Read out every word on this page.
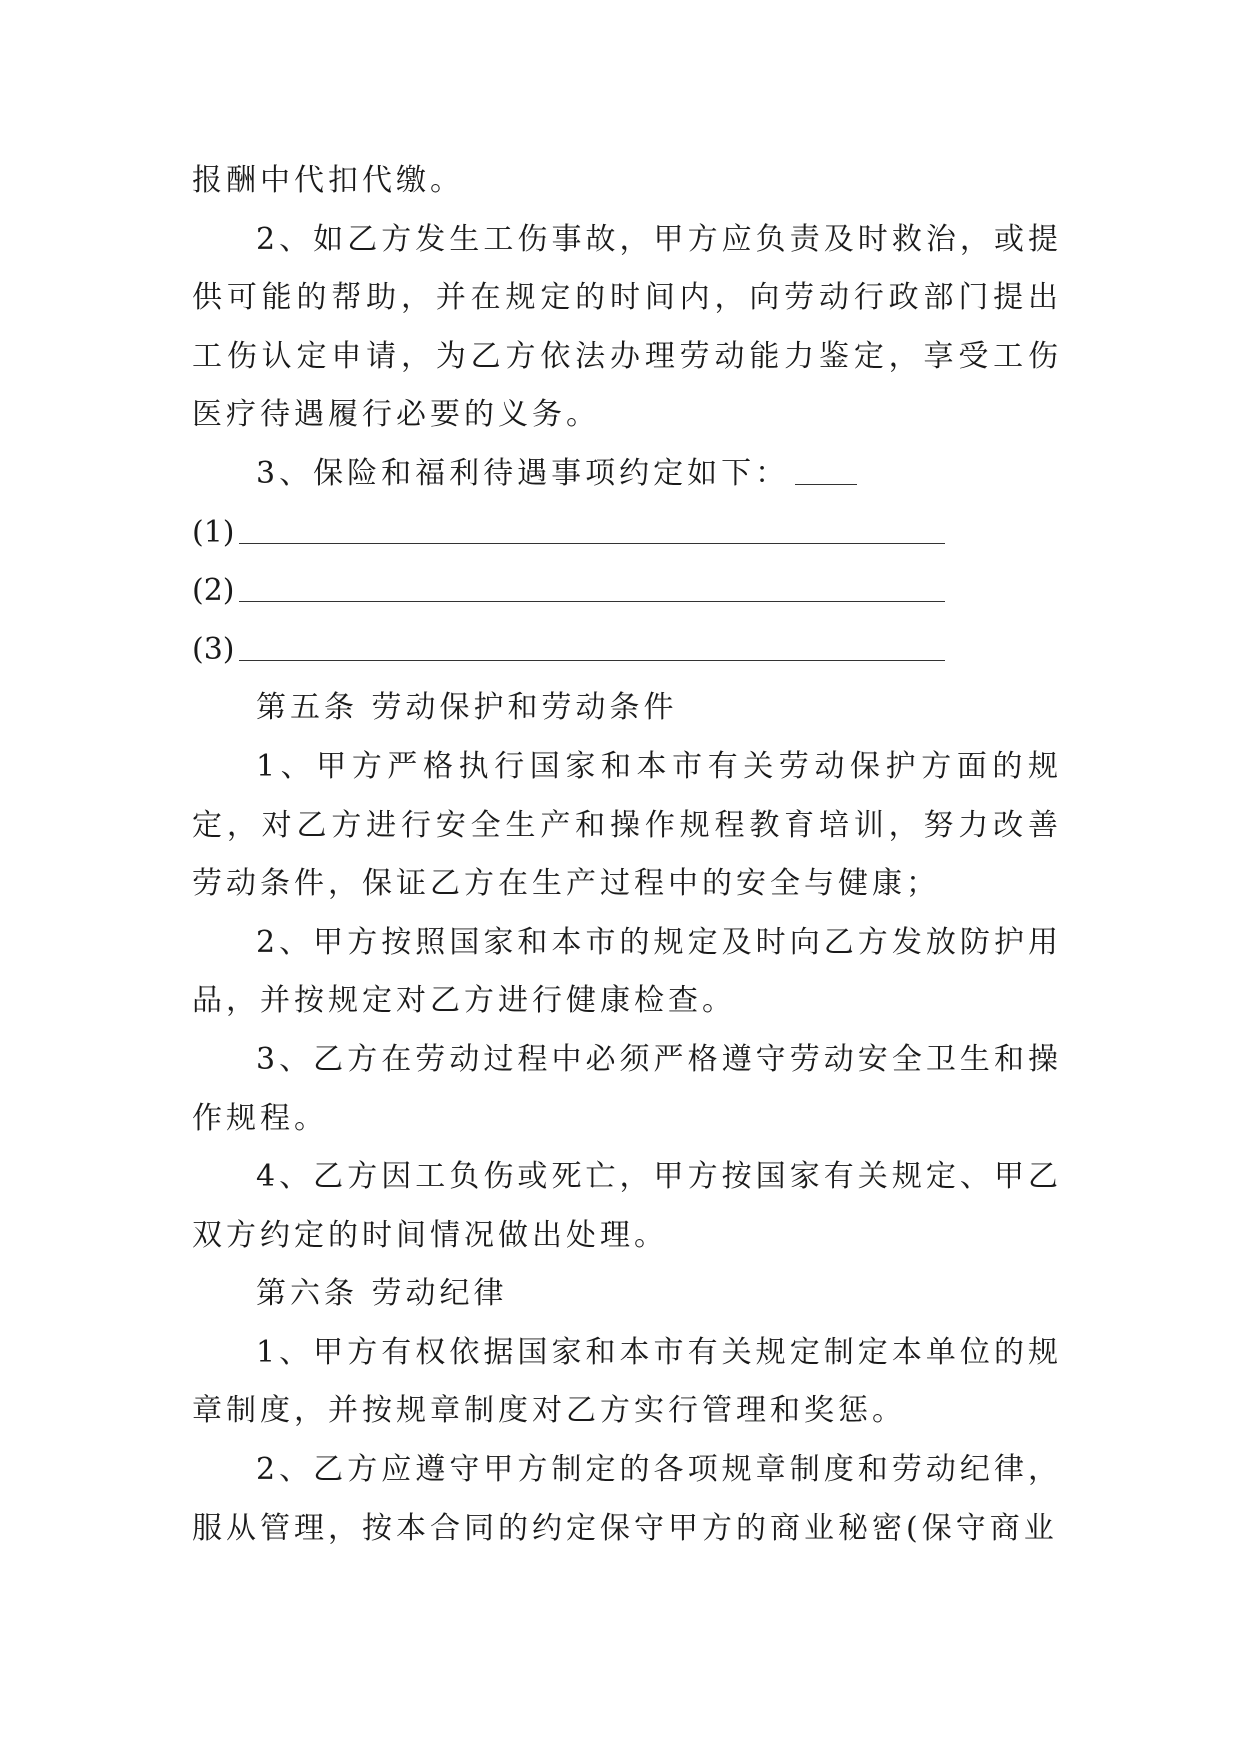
报酬中代扣代缴。

2、如乙方发生工伤事故，甲方应负责及时救治，或提供可能的帮助，并在规定的时间内，向劳动行政部门提出工伤认定申请，为乙方依法办理劳动能力鉴定，享受工伤医疗待遇履行必要的义务。

3、保险和福利待遇事项约定如下：

(1)

(2)

(3)

第五条 劳动保护和劳动条件

1、甲方严格执行国家和本市有关劳动保护方面的规定，对乙方进行安全生产和操作规程教育培训，努力改善劳动条件，保证乙方在生产过程中的安全与健康；

2、甲方按照国家和本市的规定及时向乙方发放防护用品，并按规定对乙方进行健康检查。

3、乙方在劳动过程中必须严格遵守劳动安全卫生和操作规程。

4、乙方因工负伤或死亡，甲方按国家有关规定、甲乙双方约定的时间情况做出处理。

第六条 劳动纪律

1、甲方有权依据国家和本市有关规定制定本单位的规章制度，并按规章制度对乙方实行管理和奖惩。

2、乙方应遵守甲方制定的各项规章制度和劳动纪律，服从管理，按本合同的约定保守甲方的商业秘密(保守商业
